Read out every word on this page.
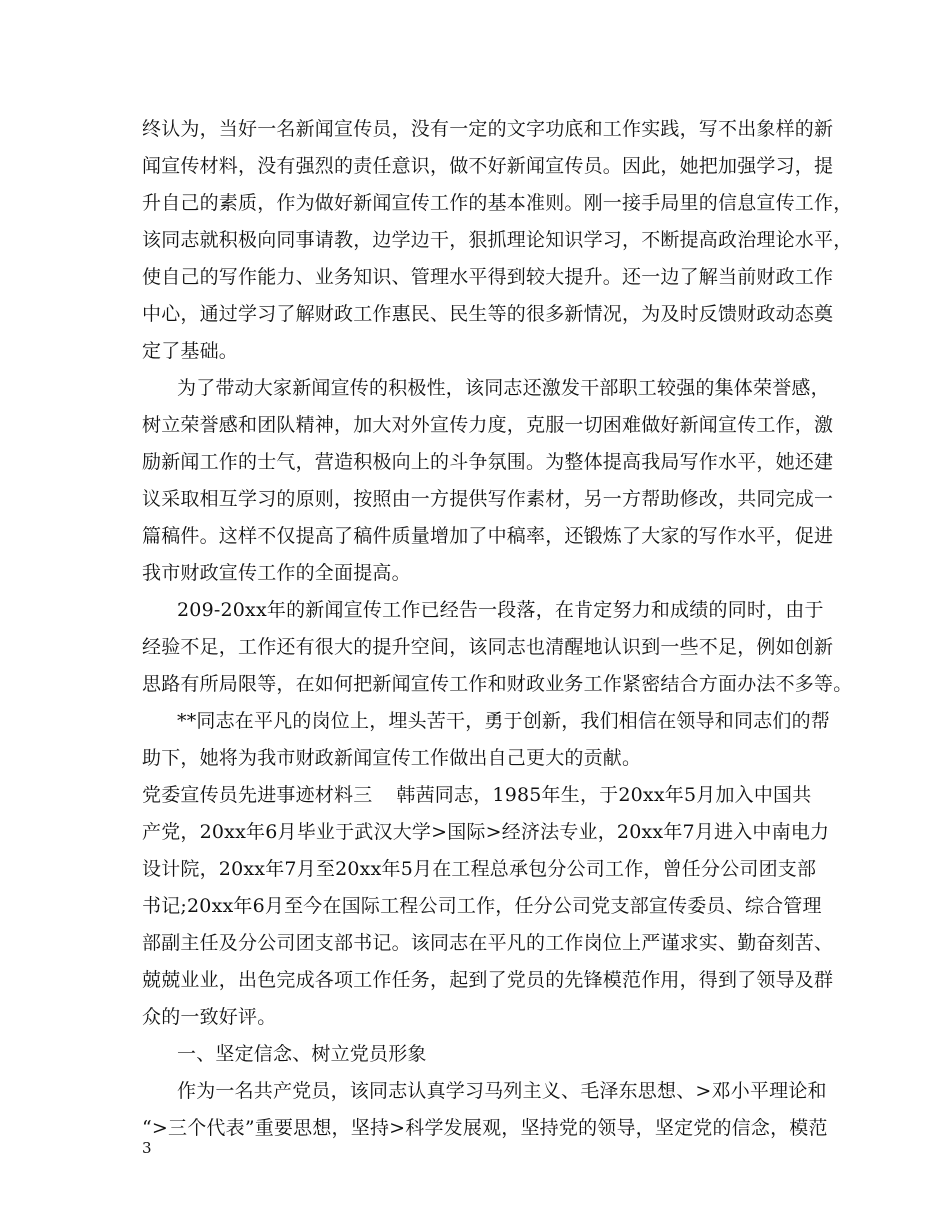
终认为，当好一名新闻宣传员，没有一定的文字功底和工作实践，写不出象样的新
闻宣传材料，没有强烈的责任意识，做不好新闻宣传员。因此，她把加强学习，提
升自己的素质，作为做好新闻宣传工作的基本准则。刚一接手局里的信息宣传工作，
该同志就积极向同事请教，边学边干，狠抓理论知识学习，不断提高政治理论水平，
使自己的写作能力、业务知识、管理水平得到较大提升。还一边了解当前财政工作
中心，通过学习了解财政工作惠民、民生等的很多新情况，为及时反馈财政动态奠
定了基础。
为了带动大家新闻宣传的积极性，该同志还激发干部职工较强的集体荣誉感，
树立荣誉感和团队精神，加大对外宣传力度，克服一切困难做好新闻宣传工作，激
励新闻工作的士气，营造积极向上的斗争氛围。为整体提高我局写作水平，她还建
议采取相互学习的原则，按照由一方提供写作素材，另一方帮助修改，共同完成一
篇稿件。这样不仅提高了稿件质量增加了中稿率，还锻炼了大家的写作水平，促进
我市财政宣传工作的全面提高。
209-20xx年的新闻宣传工作已经告一段落，在肯定努力和成绩的同时，由于
经验不足，工作还有很大的提升空间，该同志也清醒地认识到一些不足，例如创新
思路有所局限等，在如何把新闻宣传工作和财政业务工作紧密结合方面办法不多等。
**同志在平凡的岗位上，埋头苦干，勇于创新，我们相信在领导和同志们的帮
助下，她将为我市财政新闻宣传工作做出自己更大的贡献。
党委宣传员先进事迹材料三 韩茜同志，1985年生，于20xx年5月加入中国共
产党，20xx年6月毕业于武汉大学>国际>经济法专业，20xx年7月进入中南电力
设计院，20xx年7月至20xx年5月在工程总承包分公司工作，曾任分公司团支部
书记;20xx年6月至今在国际工程公司工作，任分公司党支部宣传委员、综合管理
部副主任及分公司团支部书记。该同志在平凡的工作岗位上严谨求实、勤奋刻苦、
兢兢业业，出色完成各项工作任务，起到了党员的先锋模范作用，得到了领导及群
众的一致好评。
一、坚定信念、树立党员形象
作为一名共产党员，该同志认真学习马列主义、毛泽东思想、>邓小平理论和
“>三个代表”重要思想，坚持>科学发展观，坚持党的领导，坚定党的信念，模范
3
